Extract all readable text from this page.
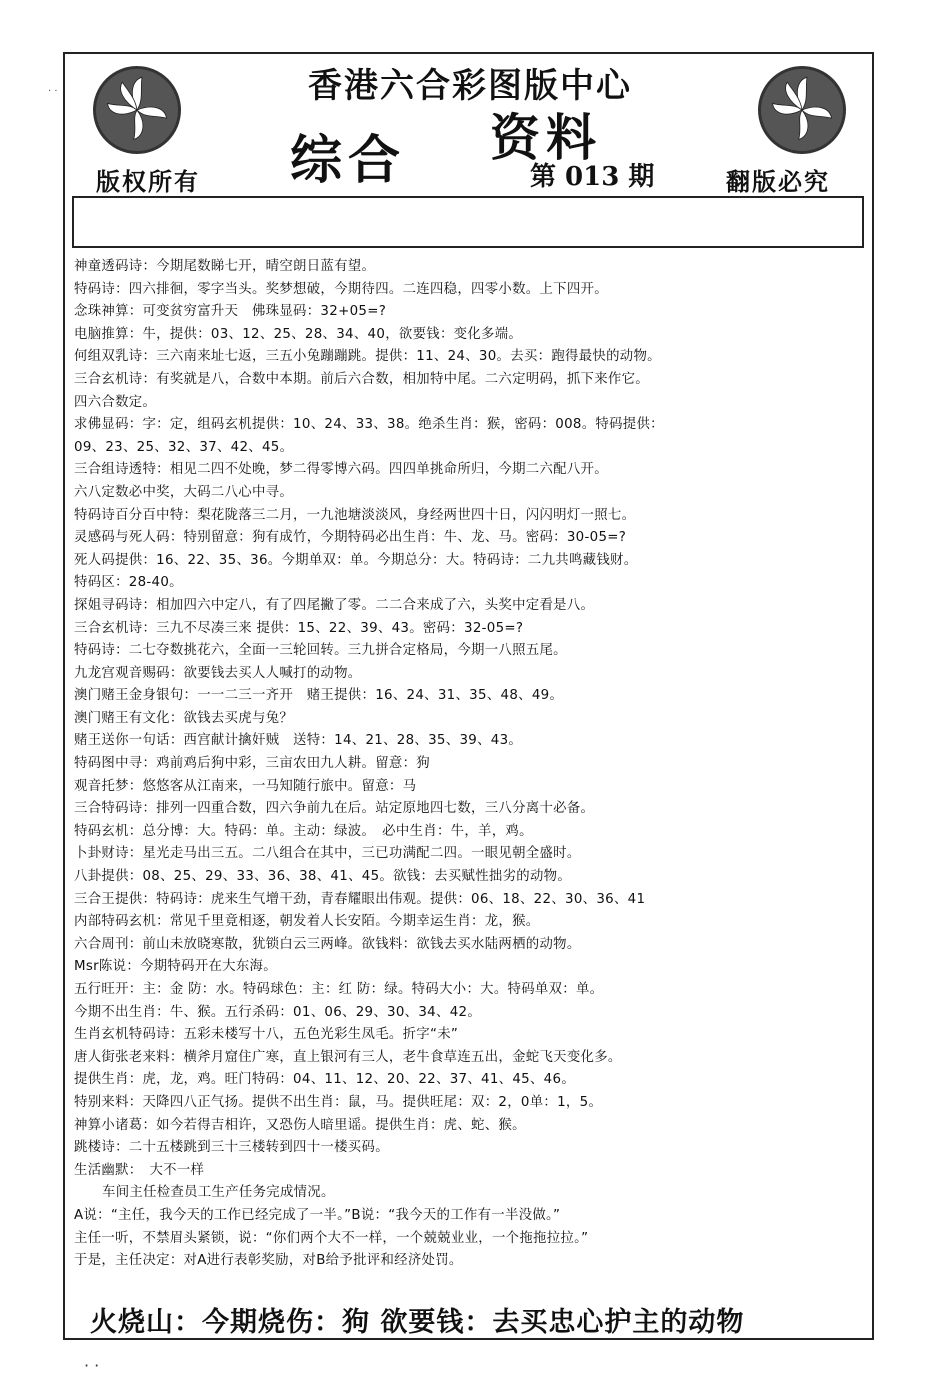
香港六合彩图版中心
综合 资料
第 013 期
版权所有	翻版必究
神童透码诗：今期尾数睇七开，晴空朗日蓝有望。
特码诗：四六排徊，零字当头。奖梦想破，今期待四。二连四稳，四零小数。上下四开。
念珠神算：可变贫穷富升天　佛珠显码：32+05=?
电脑推算：牛，提供：03、12、25、28、34、40，欲要钱：变化多端。
何组双乳诗：三六南来址七返，三五小兔蹦蹦跳。提供：11、24、30。去买：跑得最快的动物。
三合玄机诗：有奖就是八，合数中本期。前后六合数，相加特中尾。二六定明码，抓下来作它。
四六合数定。
求佛显码：字：定，组码玄机提供：10、24、33、38。绝杀生肖：猴，密码：008。特码提供：
09、23、25、32、37、42、45。
三合组诗透特：相见二四不处晚，梦二得零博六码。四四单挑命所归，今期二六配八开。
六八定数必中奖，大码二八心中寻。
特码诗百分百中特：梨花陇落三二月，一九池塘淡淡风，身经两世四十日，闪闪明灯一照七。
灵感码与死人码：特别留意：狗有成竹，今期特码必出生肖：牛、龙、马。密码：30-05=?
死人码提供：16、22、35、36。今期单双：单。今期总分：大。特码诗：二九共鸣藏钱财。
特码区：28-40。
探姐寻码诗：相加四六中定八，有了四尾撇了零。二二合来成了六，头奖中定看是八。
三合玄机诗：三九不尽凑三来 提供：15、22、39、43。密码：32-05=?
特码诗：二七夺数挑花六，全面一三轮回转。三九拼合定格局，今期一八照五尾。
九龙宫观音赐码：欲要钱去买人人喊打的动物。
澳门赌王金身银句：一一二三一齐开　赌王提供：16、24、31、35、48、49。
澳门赌王有文化：欲钱去买虎与兔？
赌王送你一句话：西宫献计擒奸贼　送特：14、21、28、35、39、43。
特码图中寻：鸡前鸡后狗中彩，三亩农田九人耕。留意：狗
观音托梦：悠悠客从江南来，一马知随行旅中。留意：马
三合特码诗：排列一四重合数，四六争前九在后。站定原地四七数，三八分离十必备。
特码玄机：总分博：大。特码：单。主动：绿波。　必中生肖：牛，羊，鸡。
卜卦财诗：星光走马出三五。二八组合在其中，三已功满配二四。一眼见朝全盛时。
八卦提供：08、25、29、33、36、38、41、45。欲钱：去买赋性拙劣的动物。
三合王提供：特码诗：虎来生气增干劲，青春耀眼出伟观。提供：06、18、22、30、36、41
内部特码玄机：常见千里竟相逐，朝发着人长安陌。今期幸运生肖：龙，猴。
六合周刊：前山未放晓寒散，犹锁白云三两峰。欲钱料：欲钱去买水陆两栖的动物。
Msr陈说：今期特码开在大东海。
五行旺开：主：金 防：水。特码球色：主：红 防：绿。特码大小：大。特码单双：单。
今期不出生肖：牛、猴。五行杀码：01、06、29、30、34、42。
生肖玄机特码诗：五彩未楼写十八，五色光彩生凤毛。折字“未”
唐人街张老来料：横斧月窟住广寒，直上银河有三人，老牛食草连五出，金蛇飞天变化多。
提供生肖：虎，龙，鸡。旺门特码：04、11、12、20、22、37、41、45、46。
特别来料：天降四八正气扬。提供不出生肖：鼠，马。提供旺尾：双：2，0单：1，5。
神算小诸葛：如今若得吉相许，又恐伤人暗里谣。提供生肖：虎、蛇、猴。
跳楼诗：二十五楼跳到三十三楼转到四十一楼买码。
生活幽默：　大不一样
车间主任检查员工生产任务完成情况。
A说：“主任，我今天的工作已经完成了一半。”B说：“我今天的工作有一半没做。”
主任一听，不禁眉头紧锁，说：“你们两个大不一样，一个兢兢业业，一个拖拖拉拉。”
于是，主任决定：对A进行表彰奖励，对B给予批评和经济处罚。
火烧山：今期烧伤：狗 欲要钱：去买忠心护主的动物
· ·
· ·
